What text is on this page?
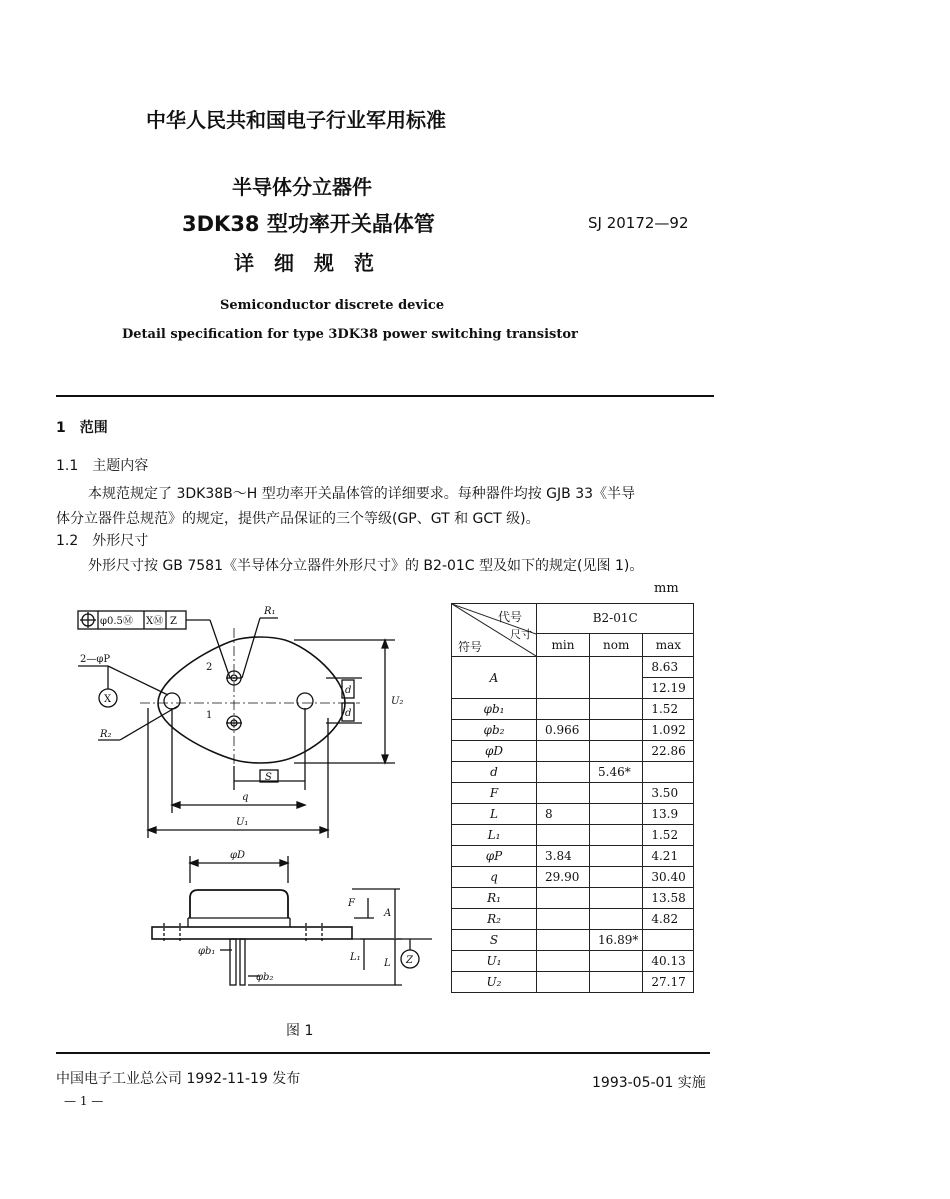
中华人民共和国电子行业军用标准
半导体分立器件
3DK38 型功率开关晶体管
详　细　规　范
SJ 20172—92
Semiconductor discrete device
Detail specification for type 3DK38 power switching transistor
1　范围
1.1　主题内容
本规范规定了 3DK38B～H 型功率开关晶体管的详细要求。每种器件均按 GJB 33《半导
体分立器件总规范》的规定，提供产品保证的三个等级(GP、GT 和 GCT 级)。
1.2　外形尺寸
外形尺寸按 GB 7581《半导体分立器件外形尺寸》的 B2-01C 型及如下的规定(见图 1)。
mm
φ0.5Ⓜ XⓂ Z
R₁
2—φP
X
R₂
2
1
d
d
U₂
S
q
U₁
φD
F
A
L₁
L Z
φb₁
φb₂
代号
尺寸
符号	B2-01C		
	min	nom	max
A			8.63
			12.19
φb₁			1.52
φb₂	0.966		1.092
φD			22.86
d		5.46*	
F			3.50
L	8		13.9
L₁			1.52
φP	3.84		4.21
q	29.90		30.40
R₁			13.58
R₂			4.82
S		16.89*	
U₁			40.13
U₂			27.17
图 1
中国电子工业总公司 1992-11-19 发布	1993-05-01 实施
— 1 —
